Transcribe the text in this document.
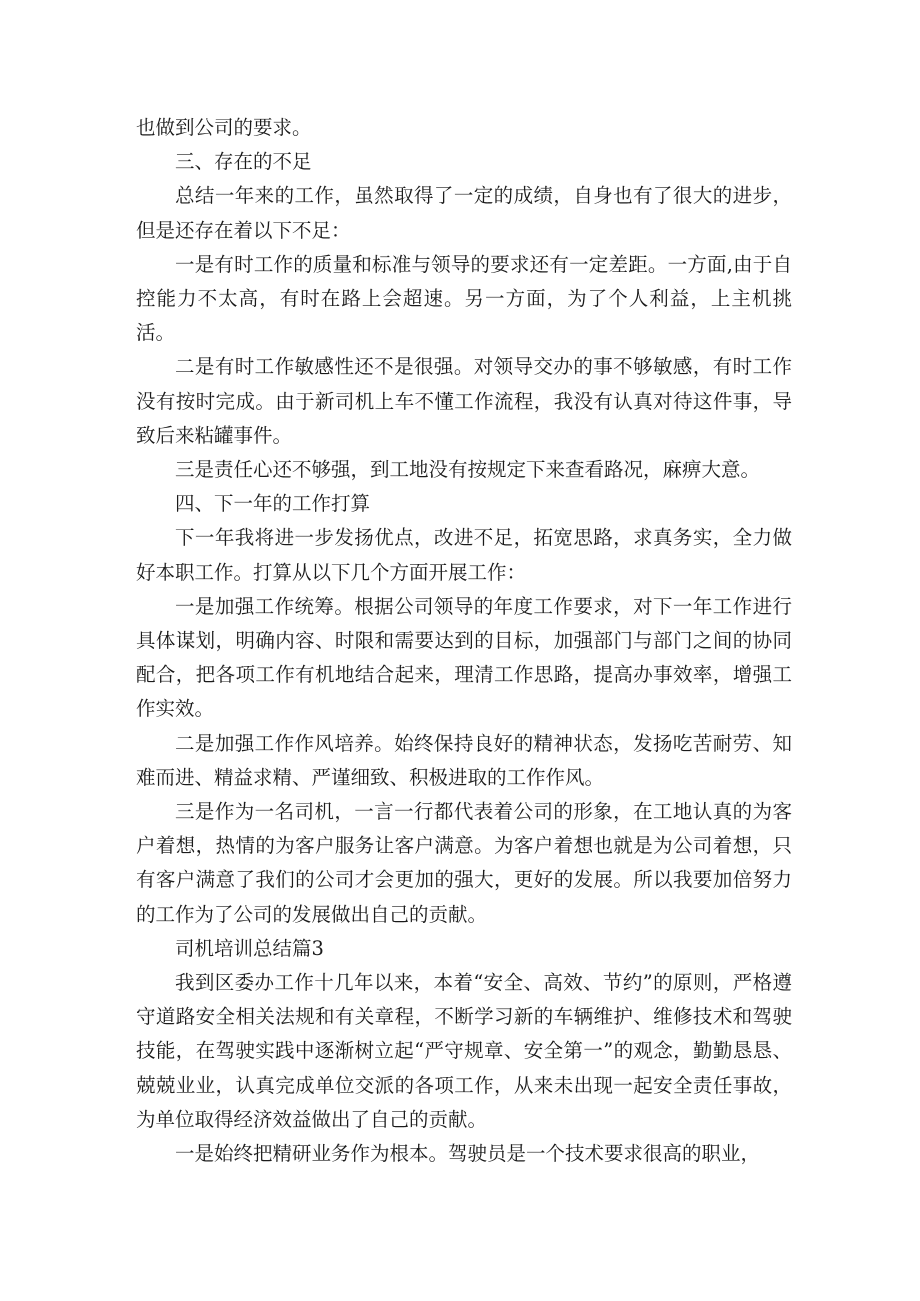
也做到公司的要求。

三、存在的不足

总结一年来的工作，虽然取得了一定的成绩，自身也有了很大的进步，但是还存在着以下不足：

一是有时工作的质量和标准与领导的要求还有一定差距。一方面,由于自控能力不太高，有时在路上会超速。另一方面，为了个人利益，上主机挑活。

二是有时工作敏感性还不是很强。对领导交办的事不够敏感，有时工作没有按时完成。由于新司机上车不懂工作流程，我没有认真对待这件事，导致后来粘罐事件。

三是责任心还不够强，到工地没有按规定下来查看路况，麻痹大意。

四、下一年的工作打算

下一年我将进一步发扬优点，改进不足，拓宽思路，求真务实，全力做好本职工作。打算从以下几个方面开展工作：

一是加强工作统筹。根据公司领导的年度工作要求，对下一年工作进行具体谋划，明确内容、时限和需要达到的目标，加强部门与部门之间的协同配合，把各项工作有机地结合起来，理清工作思路，提高办事效率，增强工作实效。

二是加强工作作风培养。始终保持良好的精神状态，发扬吃苦耐劳、知难而进、精益求精、严谨细致、积极进取的工作作风。

三是作为一名司机，一言一行都代表着公司的形象，在工地认真的为客户着想，热情的为客户服务让客户满意。为客户着想也就是为公司着想，只有客户满意了我们的公司才会更加的强大，更好的发展。所以我要加倍努力的工作为了公司的发展做出自己的贡献。

司机培训总结篇3

我到区委办工作十几年以来，本着“安全、高效、节约”的原则，严格遵守道路安全相关法规和有关章程，不断学习新的车辆维护、维修技术和驾驶技能，在驾驶实践中逐渐树立起“严守规章、安全第一”的观念，勤勤恳恳、兢兢业业，认真完成单位交派的各项工作，从来未出现一起安全责任事故，为单位取得经济效益做出了自己的贡献。

一是始终把精研业务作为根本。驾驶员是一个技术要求很高的职业，
